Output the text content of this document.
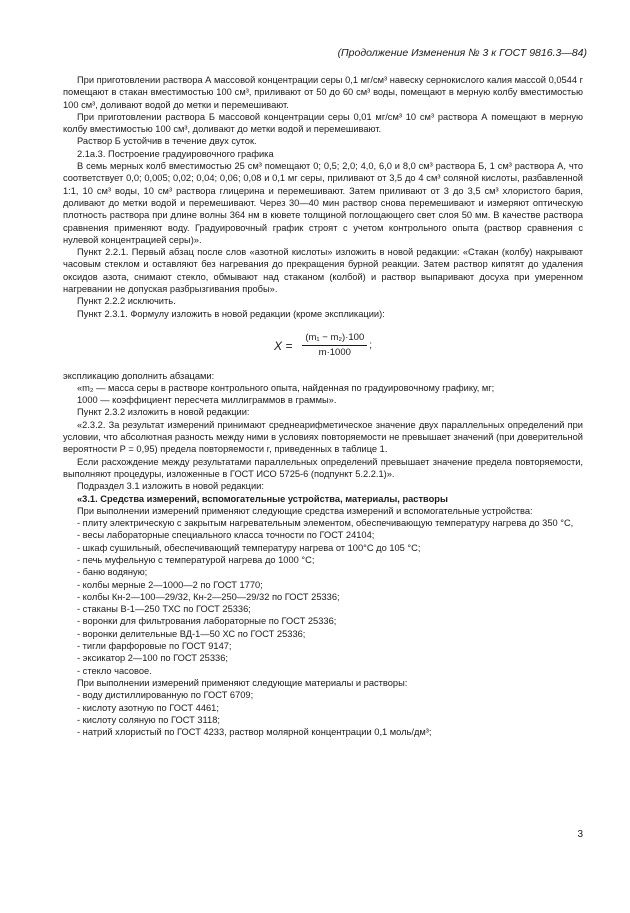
(Продолжение Изменения № 3 к ГОСТ 9816.3—84)

При приготовлении раствора А массовой концентрации серы 0,1 мг/см³ навеску сернокислого калия массой 0,0544 г помещают в стакан вместимостью 100 см³, приливают от 50 до 60 см³ воды, помещают в мерную колбу вместимостью 100 см³, доливают водой до метки и перемешивают.

При приготовлении раствора Б массовой концентрации серы 0,01 мг/см³ 10 см³ раствора А помещают в мерную колбу вместимостью 100 см³, доливают до метки водой и перемешивают.

Раствор Б устойчив в течение двух суток.

2.1а.3. Построение градуировочного графика

В семь мерных колб вместимостью 25 см³ помещают 0; 0,5; 2,0; 4,0, 6,0 и 8,0 см³ раствора Б, 1 см³ раствора А, что соответствует 0,0; 0,005; 0,02; 0,04; 0,06; 0,08 и 0,1 мг серы, приливают от 3,5 до 4 см³ соляной кислоты, разбавленной 1:1, 10 см³ воды, 10 см³ раствора глицерина и перемешивают. Затем приливают от 3 до 3,5 см³ хлористого бария, доливают до метки водой и перемешивают. Через 30—40 мин раствор снова перемешивают и измеряют оптическую плотность раствора при длине волны 364 нм в кювете толщиной поглощающего свет слоя 50 мм. В качестве раствора сравнения применяют воду. Градуировочный график строят с учетом контрольного опыта (раствор сравнения с нулевой концентрацией серы)».

Пункт 2.2.1. Первый абзац после слов «азотной кислоты» изложить в новой редакции: «Стакан (колбу) накрывают часовым стеклом и оставляют без нагревания до прекращения бурной реакции. Затем раствор кипятят до удаления оксидов азота, снимают стекло, обмывают над стаканом (колбой) и раствор выпаривают досуха при умеренном нагревании не допуская разбрызгивания пробы».

Пункт 2.2.2 исключить.

Пункт 2.3.1. Формулу изложить в новой редакции (кроме экспликации):

$X = \frac{\text{(m₁ − m₂)·100}}{m\cdot 1000}$ ;

экспликацию дополнить абзацами:

«m₂ — масса серы в растворе контрольного опыта, найденная по градуировочному графику, мг;

1000 — коэффициент пересчета миллиграммов в граммы».

Пункт 2.3.2 изложить в новой редакции:

«2.3.2. За результат измерений принимают среднеарифметическое значение двух параллельных определений при условии, что абсолютная разность между ними в условиях повторяемости не превышает значений (при доверительной вероятности Р = 0,95) предела повторяемости r, приведенных в таблице 1.

Если расхождение между результатами параллельных определений превышает значение предела повторяемости, выполняют процедуры, изложенные в ГОСТ ИСО 5725-6 (подпункт 5.2.2.1)».

Подраздел 3.1 изложить в новой редакции:

«3.1. Средства измерений, вспомогательные устройства, материалы, растворы

При выполнении измерений применяют следующие средства измерений и вспомогательные устройства:

- плиту электрическую с закрытым нагревательным элементом, обеспечивающую температуру нагрева до 350 °С,

- весы лабораторные специального класса точности по ГОСТ 24104;

- шкаф сушильный, обеспечивающий температуру нагрева от 100°С до 105 °С;

- печь муфельную с температурой нагрева до 1000 °С;

- баню водяную;

- колбы мерные 2—1000—2 по ГОСТ 1770;

- колбы Кн-2—100—29/32, Кн-2—250—29/32 по ГОСТ 25336;

- стаканы В-1—250 ТХС по ГОСТ 25336;

- воронки для фильтрования лабораторные по ГОСТ 25336;

- воронки делительные ВД-1—50 ХС по ГОСТ 25336;

- тигли фарфоровые по ГОСТ 9147;

- эксикатор 2—100 по ГОСТ 25336;

- стекло часовое.

При выполнении измерений применяют следующие материалы и растворы:

- воду дистиллированную по ГОСТ 6709;

- кислоту азотную по ГОСТ 4461;

- кислоту соляную по ГОСТ 3118;

- натрий хлористый по ГОСТ 4233, раствор молярной концентрации 0,1 моль/дм³;

3
